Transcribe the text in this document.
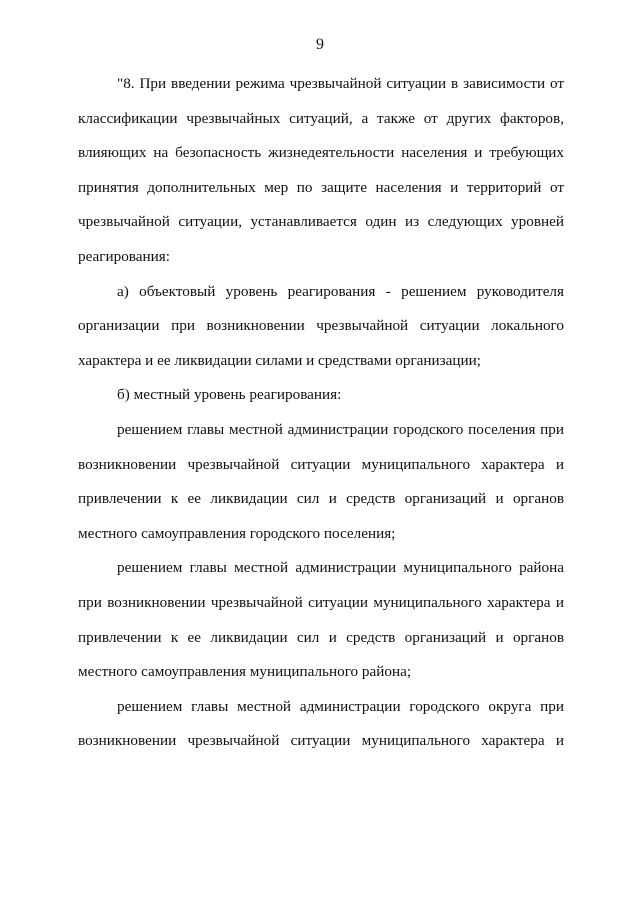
9
"8. При введении режима чрезвычайной ситуации в зависимости от
классификации чрезвычайных ситуаций, а также от других факторов,
влияющих на безопасность жизнедеятельности населения и требующих
принятия дополнительных мер по защите населения и территорий от
чрезвычайной ситуации, устанавливается один из следующих уровней
реагирования:
а) объектовый уровень реагирования - решением руководителя
организации при возникновении чрезвычайной ситуации локального
характера и ее ликвидации силами и средствами организации;
б) местный уровень реагирования:
решением главы местной администрации городского поселения при
возникновении чрезвычайной ситуации муниципального характера и
привлечении к ее ликвидации сил и средств организаций и органов
местного самоуправления городского поселения;
решением главы местной администрации муниципального района
при возникновении чрезвычайной ситуации муниципального характера и
привлечении к ее ликвидации сил и средств организаций и органов
местного самоуправления муниципального района;
решением главы местной администрации городского округа при
возникновении чрезвычайной ситуации муниципального характера и
